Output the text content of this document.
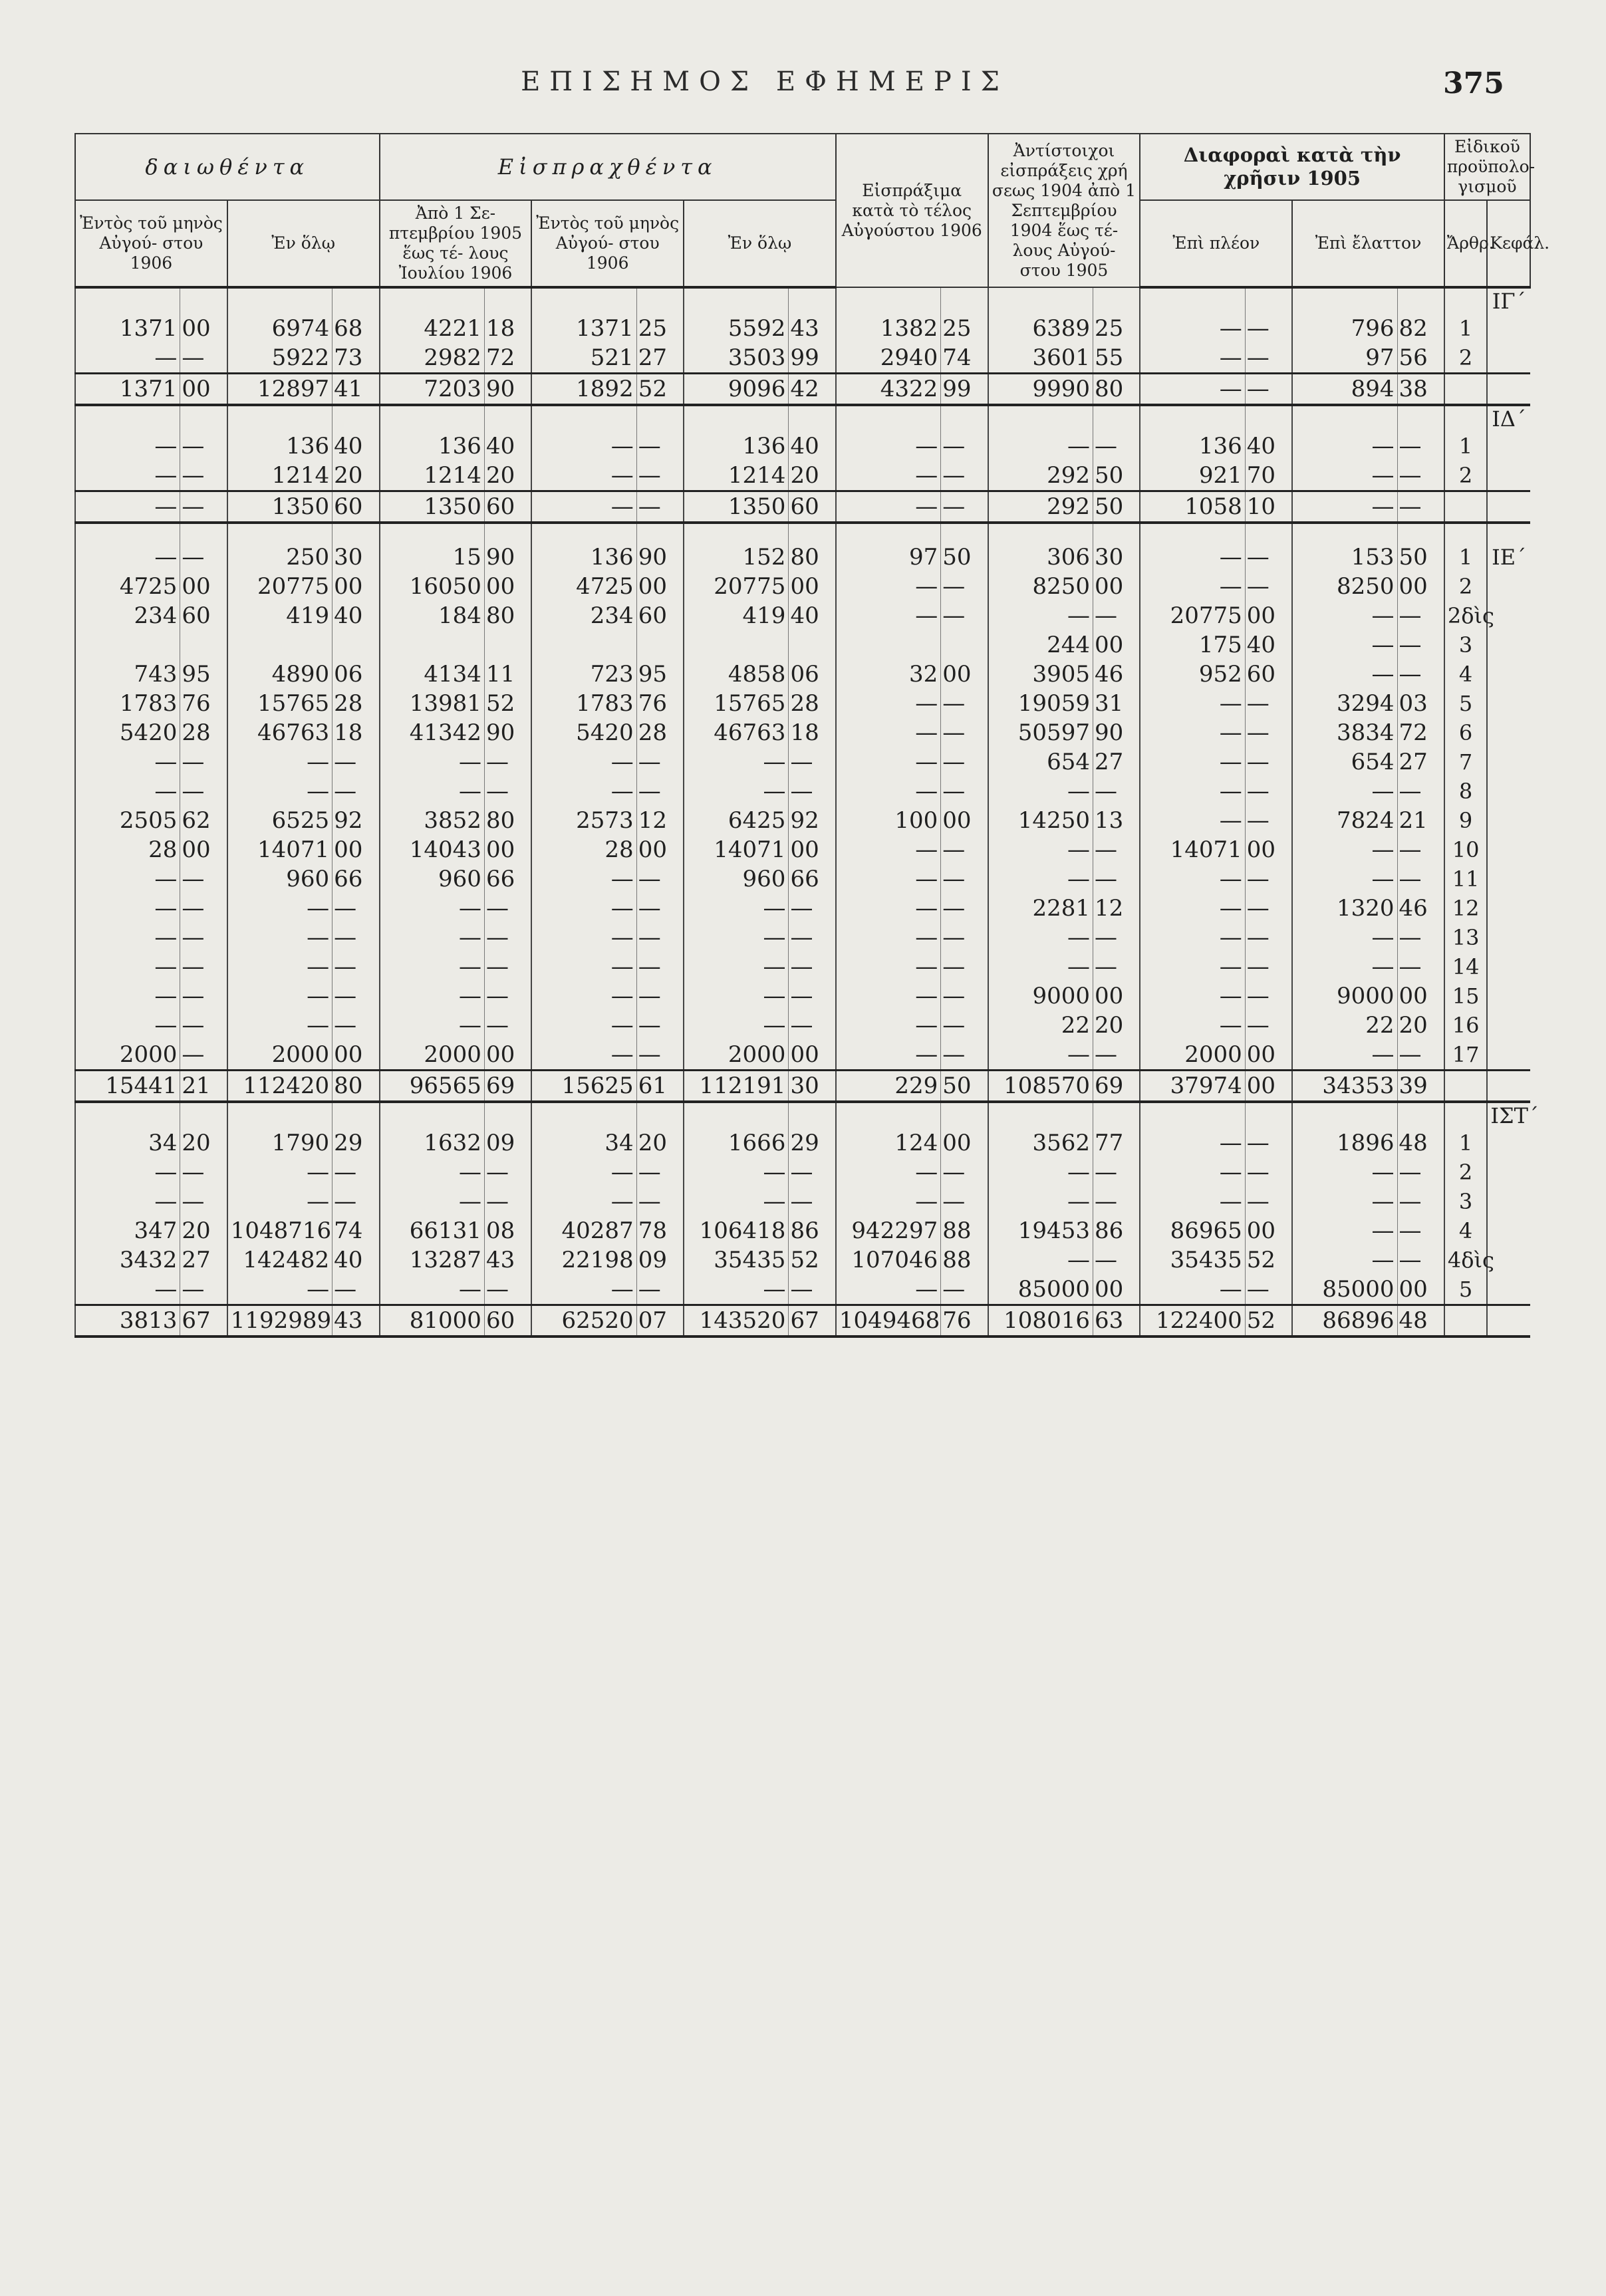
ΕΠΙΣΗΜΟΣ ΕΦΗΜΕΡΙΣ	375
δαιωθέντα				Εἰσπραχθέντα						Εἰσπράξιμα κατὰ τὸ τέλος Αὐγούστου 1906		Ἀντίστοιχοι εἰσπράξεις χρή σεως 1904 ἀπὸ 1 Σεπτεμβρίου 1904 ἕως τέ- λους Αὐγού- στου 1905		Διαφοραὶ κατὰ τὴν χρῆσιν 1905				Εἰδικοῦ προϋπολο- γισμοῦ	
Ἐντὸς τοῦ μηνὸς Αὐγού- στου 1906		Ἐν ὅλῳ		Ἀπὸ 1 Σε- πτεμβρίου 1905 ἕως τέ- λους Ἰουλίου 1906		Ἐντὸς τοῦ μηνὸς Αὐγού- στου 1906		Ἐν ὅλῳ						Ἐπὶ πλέον		Ἐπὶ ἔλαττον		Ἄρθρ.	Κεφάλ.
																			ΙΓ΄
1371	00	6974	68	4221	18	1371	25	5592	43	1382	25	6389	25	—	—	796	82	1	
—	—	5922	73	2982	72	521	27	3503	99	2940	74	3601	55	—	—	97	56	2	
1371	00	12897	41	7203	90	1892	52	9096	42	4322	99	9990	80	—	—	894	38		
																			ΙΔ΄
—	—	136	40	136	40	—	—	136	40	—	—	—	—	136	40	—	—	1	
—	—	1214	20	1214	20	—	—	1214	20	—	—	292	50	921	70	—	—	2	
—	—	1350	60	1350	60	—	—	1350	60	—	—	292	50	1058	10	—	—		

—	—	250	30	15	90	136	90	152	80	97	50	306	30	—	—	153	50	1	ΙΕ΄
4725	00	20775	00	16050	00	4725	00	20775	00	—	—	8250	00	—	—	8250	00	2	
234	60	419	40	184	80	234	60	419	40	—	—	—	—	20775	00	—	—	2δὶς	
												244	00	175	40	—	—	3	
743	95	4890	06	4134	11	723	95	4858	06	32	00	3905	46	952	60	—	—	4	
1783	76	15765	28	13981	52	1783	76	15765	28	—	—	19059	31	—	—	3294	03	5	
5420	28	46763	18	41342	90	5420	28	46763	18	—	—	50597	90	—	—	3834	72	6	
—	—	—	—	—	—	—	—	—	—	—	—	654	27	—	—	654	27	7	
—	—	—	—	—	—	—	—	—	—	—	—	—	—	—	—	—	—	8	
2505	62	6525	92	3852	80	2573	12	6425	92	100	00	14250	13	—	—	7824	21	9	
28	00	14071	00	14043	00	28	00	14071	00	—	—	—	—	14071	00	—	—	10	
—	—	960	66	960	66	—	—	960	66	—	—	—	—	—	—	—	—	11	
—	—	—	—	—	—	—	—	—	—	—	—	2281	12	—	—	1320	46	12	
—	—	—	—	—	—	—	—	—	—	—	—	—	—	—	—	—	—	13	
—	—	—	—	—	—	—	—	—	—	—	—	—	—	—	—	—	—	14	
—	—	—	—	—	—	—	—	—	—	—	—	9000	00	—	—	9000	00	15	
—	—	—	—	—	—	—	—	—	—	—	—	22	20	—	—	22	20	16	
2000	—	2000	00	2000	00	—	—	2000	00	—	—	—	—	2000	00	—	—	17	
15441	21	112420	80	96565	69	15625	61	112191	30	229	50	108570	69	37974	00	34353	39		
																			ΙΣΤ΄
34	20	1790	29	1632	09	34	20	1666	29	124	00	3562	77	—	—	1896	48	1	
—	—	—	—	—	—	—	—	—	—	—	—	—	—	—	—	—	—	2	
—	—	—	—	—	—	—	—	—	—	—	—	—	—	—	—	—	—	3	
347	20	1048716	74	66131	08	40287	78	106418	86	942297	88	19453	86	86965	00	—	—	4	
3432	27	142482	40	13287	43	22198	09	35435	52	107046	88	—	—	35435	52	—	—	4δὶς	
—	—	—	—	—	—	—	—	—	—	—	—	85000	00	—	—	85000	00	5	
3813	67	1192989	43	81000	60	62520	07	143520	67	1049468	76	108016	63	122400	52	86896	48		
